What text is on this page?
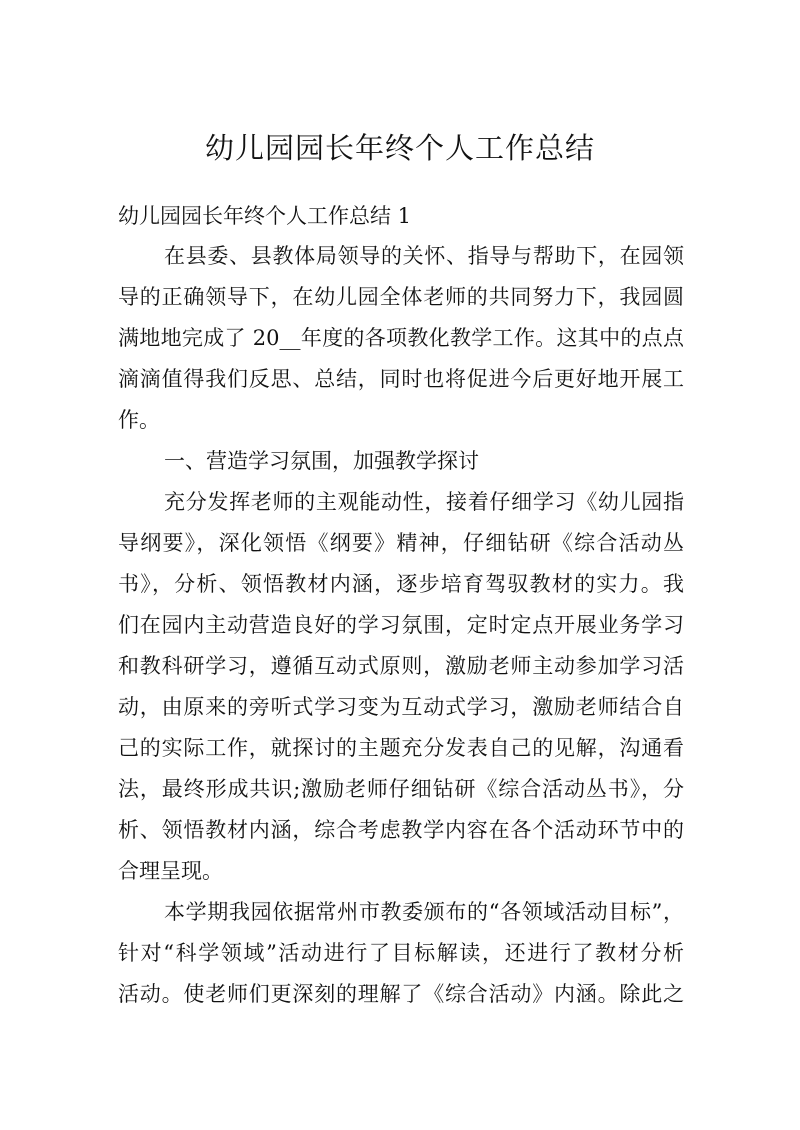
幼儿园园长年终个人工作总结

幼儿园园长年终个人工作总结 1

在县委、县教体局领导的关怀、指导与帮助下，在园领
导的正确领导下，在幼儿园全体老师的共同努力下，我园圆
满地地完成了 20__年度的各项教化教学工作。这其中的点点
滴滴值得我们反思、总结，同时也将促进今后更好地开展工
作。

一、营造学习氛围，加强教学探讨

充分发挥老师的主观能动性，接着仔细学习《幼儿园指
导纲要》，深化领悟《纲要》精神，仔细钻研《综合活动丛
书》，分析、领悟教材内涵，逐步培育驾驭教材的实力。我
们在园内主动营造良好的学习氛围，定时定点开展业务学习
和教科研学习，遵循互动式原则，激励老师主动参加学习活
动，由原来的旁听式学习变为互动式学习，激励老师结合自
己的实际工作，就探讨的主题充分发表自己的见解，沟通看
法，最终形成共识;激励老师仔细钻研《综合活动丛书》，分
析、领悟教材内涵，综合考虑教学内容在各个活动环节中的
合理呈现。

本学期我园依据常州市教委颁布的“各领域活动目标”，
针对“科学领域”活动进行了目标解读，还进行了教材分析
活动。使老师们更深刻的理解了《综合活动》内涵。除此之
